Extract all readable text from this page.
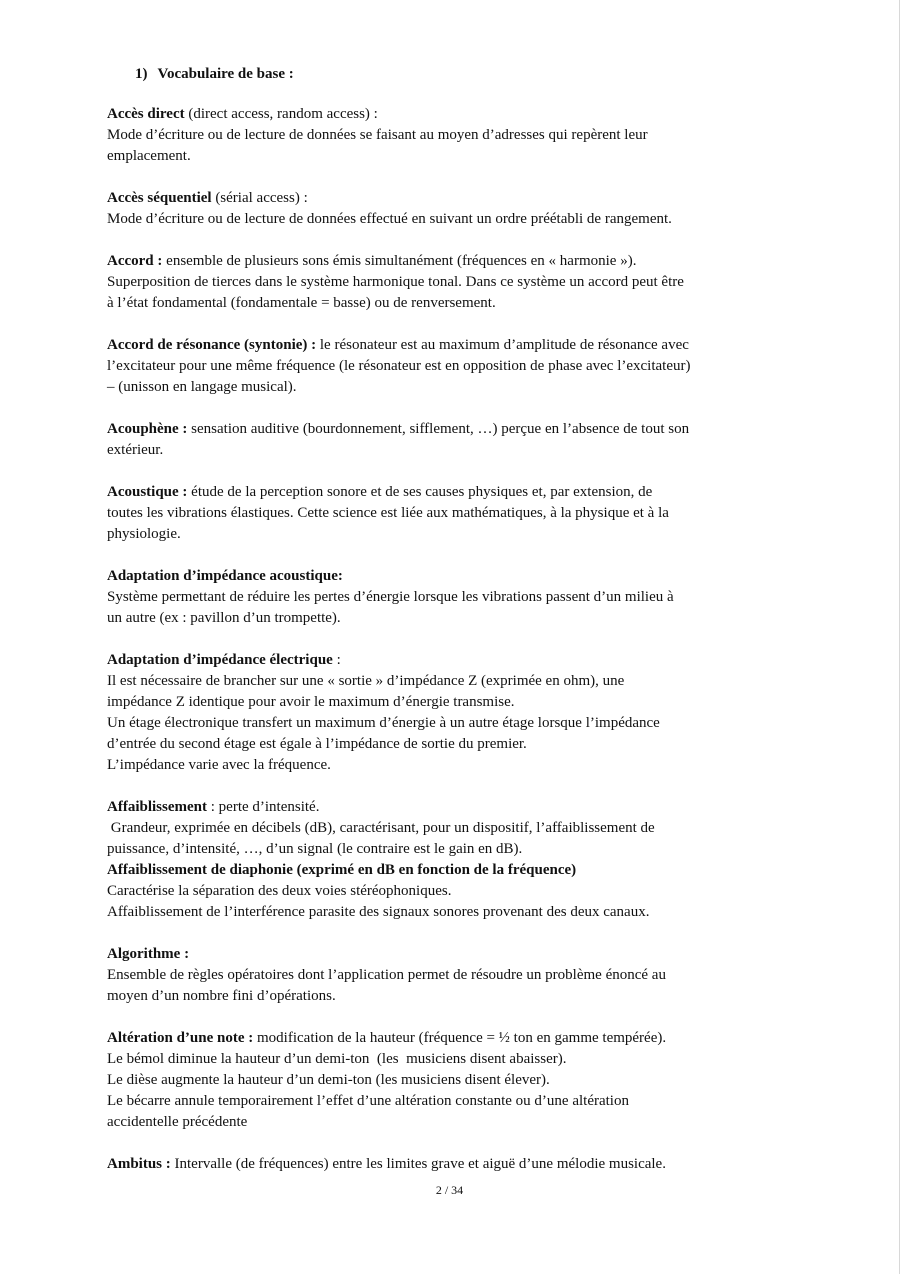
1) Vocabulaire de base :
Accès direct (direct access, random access) :
Mode d’écriture ou de lecture de données se faisant au moyen d’adresses qui repèrent leur
emplacement.
Accès séquentiel (sérial access) :
Mode d’écriture ou de lecture de données effectué en suivant un ordre préétabli de rangement.
Accord : ensemble de plusieurs sons émis simultanément (fréquences en « harmonie »).
Superposition de tierces dans le système harmonique tonal. Dans ce système un accord peut être
à l’état fondamental (fondamentale = basse) ou de renversement.
Accord de résonance (syntonie) : le résonateur est au maximum d’amplitude de résonance avec
l’excitateur pour une même fréquence (le résonateur est en opposition de phase avec l’excitateur)
– (unisson en langage musical).
Acouphène : sensation auditive (bourdonnement, sifflement, …) perçue en l’absence de tout son
extérieur.
Acoustique : étude de la perception sonore et de ses causes physiques et, par extension, de
toutes les vibrations élastiques. Cette science est liée aux mathématiques, à la physique et à la
physiologie.
Adaptation d’impédance acoustique:
Système permettant de réduire les pertes d’énergie lorsque les vibrations passent d’un milieu à
un autre (ex : pavillon d’un trompette).
Adaptation d’impédance électrique :
Il est nécessaire de brancher sur une « sortie » d’impédance Z (exprimée en ohm), une
impédance Z identique pour avoir le maximum d’énergie transmise.
Un étage électronique transfert un maximum d’énergie à un autre étage lorsque l’impédance
d’entrée du second étage est égale à l’impédance de sortie du premier.
L’impédance varie avec la fréquence.
Affaiblissement : perte d’intensité.
Grandeur, exprimée en décibels (dB), caractérisant, pour un dispositif, l’affaiblissement de
puissance, d’intensité, …, d’un signal (le contraire est le gain en dB).
Affaiblissement de diaphonie (exprimé en dB en fonction de la fréquence)
Caractérise la séparation des deux voies stéréophoniques.
Affaiblissement de l’interférence parasite des signaux sonores provenant des deux canaux.
Algorithme :
Ensemble de règles opératoires dont l’application permet de résoudre un problème énoncé au
moyen d’un nombre fini d’opérations.
Altération d’une note : modification de la hauteur (fréquence = ½ ton en gamme tempérée).
Le bémol diminue la hauteur d’un demi-ton  (les  musiciens disent abaisser).
Le dièse augmente la hauteur d’un demi-ton (les musiciens disent élever).
Le bécarre annule temporairement l’effet d’une altération constante ou d’une altération
accidentelle précédente
Ambitus : Intervalle (de fréquences) entre les limites grave et aiguë d’une mélodie musicale.
2 / 34
